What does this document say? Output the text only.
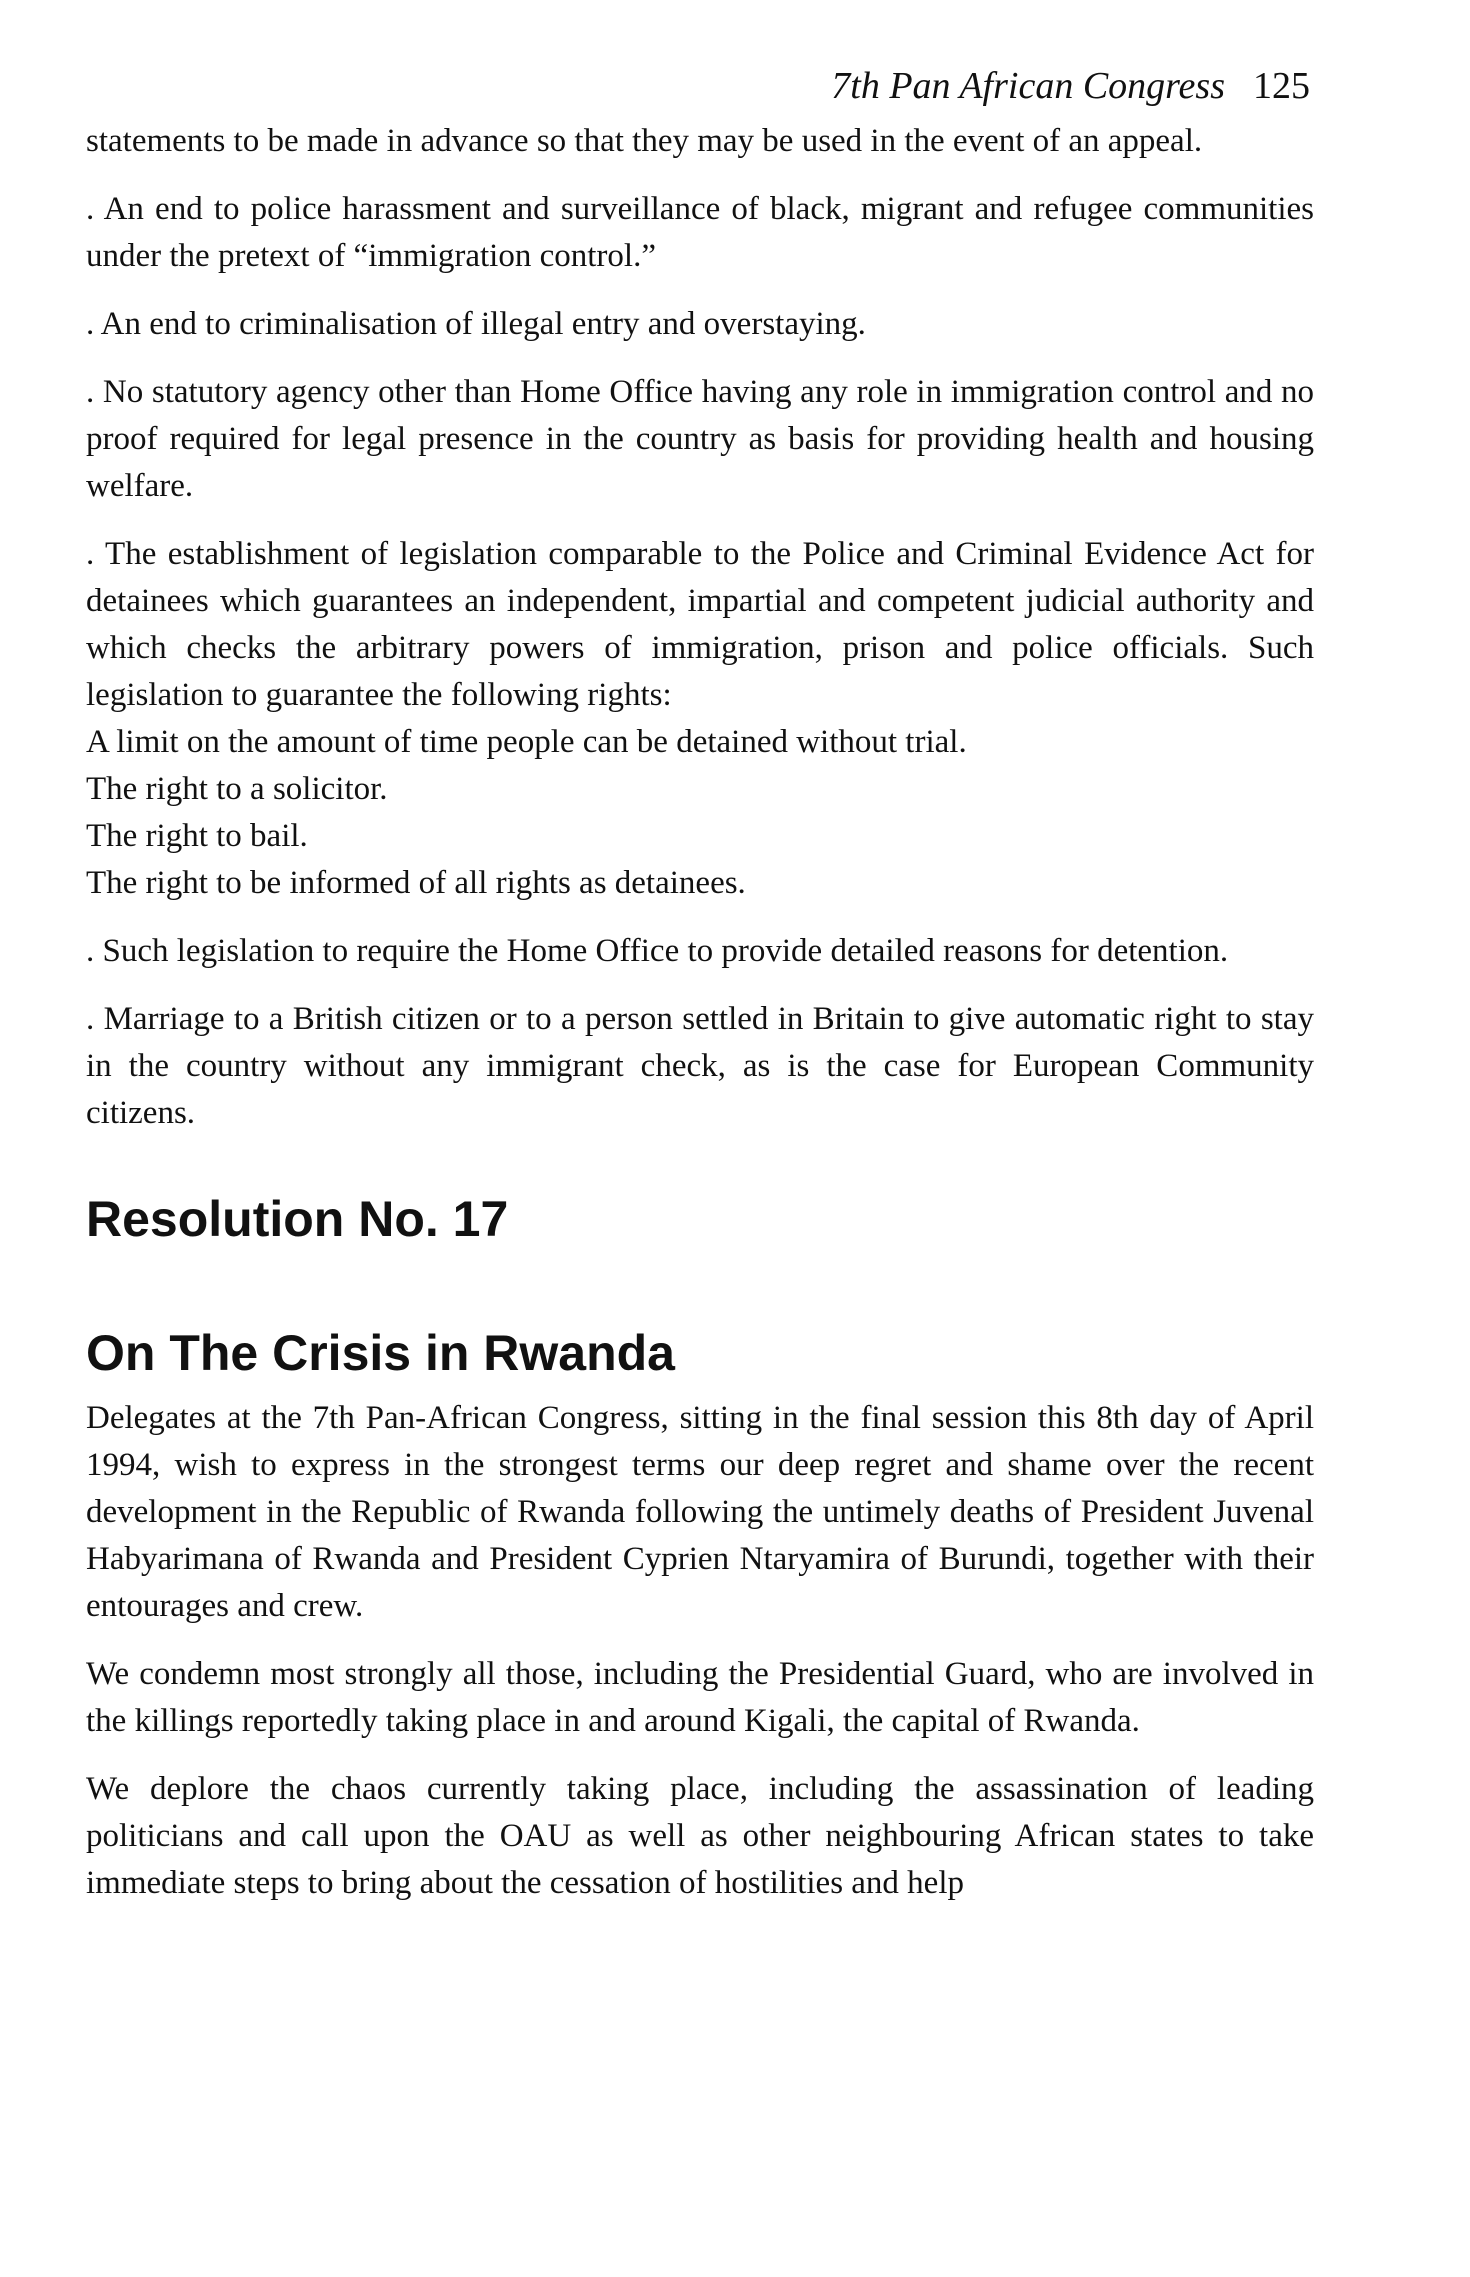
7th Pan African Congress 125

statements to be made in advance so that they may be used in the event of an appeal.

. An end to police harassment and surveillance of black, migrant and refugee communities under the pretext of “immigration control.”

. An end to criminalisation of illegal entry and overstaying.

. No statutory agency other than Home Office having any role in immigration control and no proof required for legal presence in the country as basis for providing health and housing welfare.

. The establishment of legislation comparable to the Police and Criminal Evidence Act for detainees which guarantees an independent, impartial and competent judicial authority and which checks the arbitrary powers of immigration, prison and police officials. Such legislation to guarantee the following rights:
A limit on the amount of time people can be detained without trial.
The right to a solicitor.
The right to bail.
The right to be informed of all rights as detainees.

. Such legislation to require the Home Office to provide detailed reasons for detention.

. Marriage to a British citizen or to a person settled in Britain to give automatic right to stay in the country without any immigrant check, as is the case for European Community citizens.

Resolution No. 17
On The Crisis in Rwanda

Delegates at the 7th Pan-African Congress, sitting in the final session this 8th day of April 1994, wish to express in the strongest terms our deep regret and shame over the recent development in the Republic of Rwanda following the untimely deaths of President Juvenal Habyarimana of Rwanda and President Cyprien Ntaryamira of Burundi, together with their entourages and crew.

We condemn most strongly all those, including the Presidential Guard, who are involved in the killings reportedly taking place in and around Kigali, the capital of Rwanda.

We deplore the chaos currently taking place, including the assassination of leading politicians and call upon the OAU as well as other neighbouring African states to take immediate steps to bring about the cessation of hostilities and help
